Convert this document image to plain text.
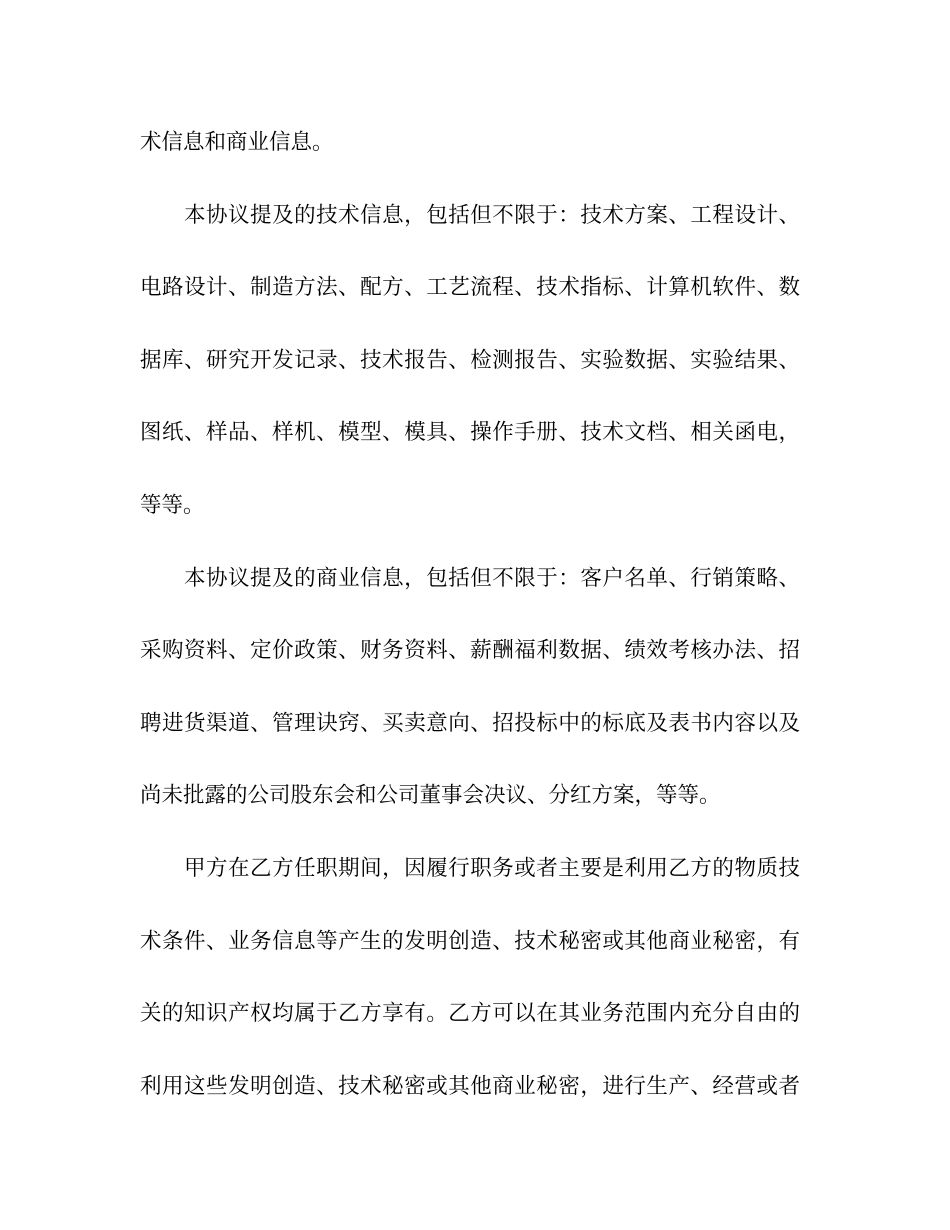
术信息和商业信息。
本协议提及的技术信息，包括但不限于：技术方案、工程设计、
电路设计、制造方法、配方、工艺流程、技术指标、计算机软件、数
据库、研究开发记录、技术报告、检测报告、实验数据、实验结果、
图纸、样品、样机、模型、模具、操作手册、技术文档、相关函电，
等等。
本协议提及的商业信息，包括但不限于：客户名单、行销策略、
采购资料、定价政策、财务资料、薪酬福利数据、绩效考核办法、招
聘进货渠道、管理诀窍、买卖意向、招投标中的标底及表书内容以及
尚未批露的公司股东会和公司董事会决议、分红方案，等等。
甲方在乙方任职期间，因履行职务或者主要是利用乙方的物质技
术条件、业务信息等产生的发明创造、技术秘密或其他商业秘密，有
关的知识产权均属于乙方享有。乙方可以在其业务范围内充分自由的
利用这些发明创造、技术秘密或其他商业秘密，进行生产、经营或者
